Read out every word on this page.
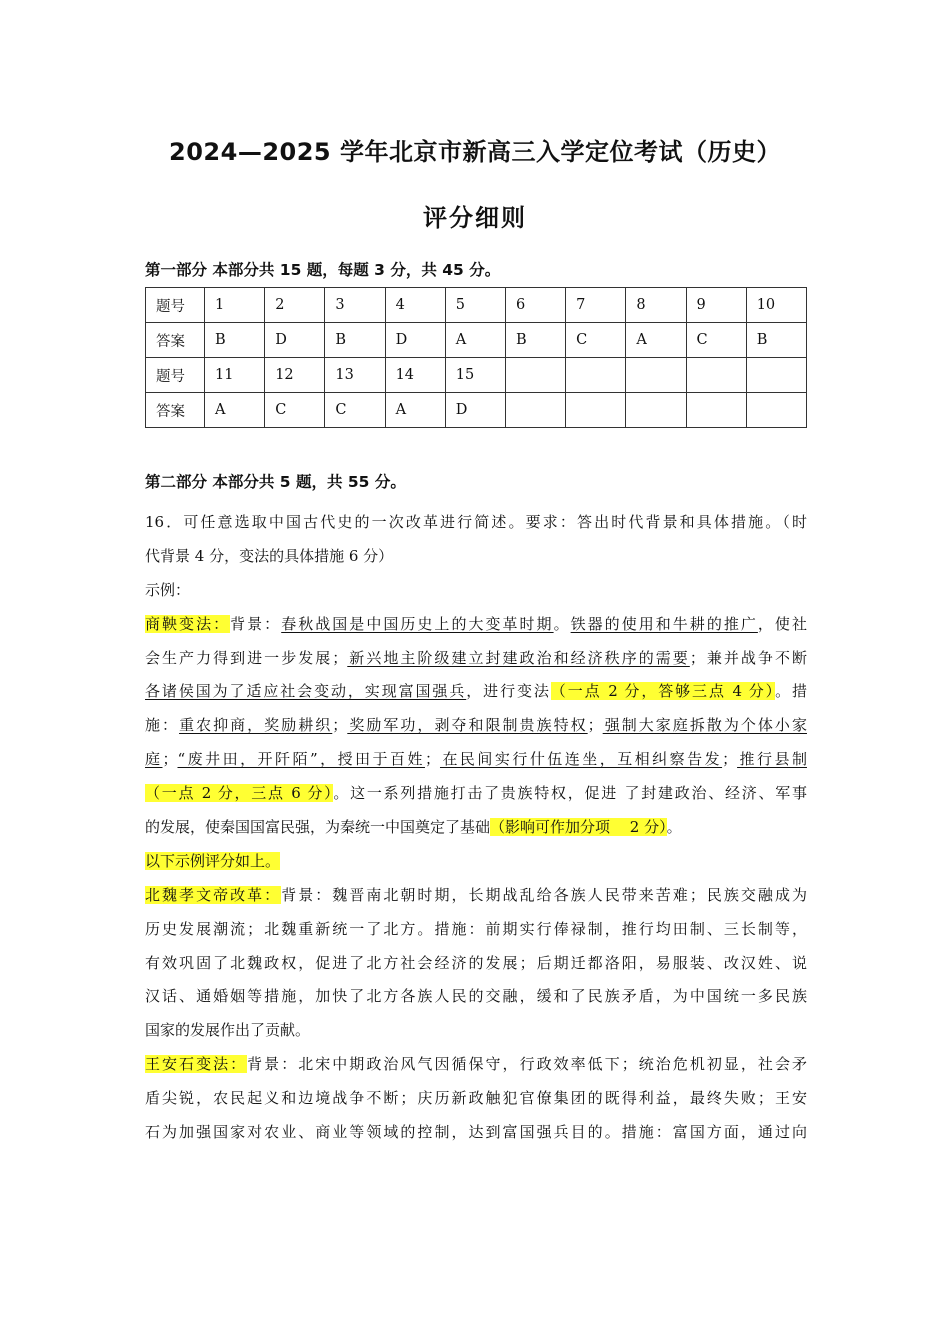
2024—2025 学年北京市新高三入学定位考试（历史）
评分细则
第一部分 本部分共 15 题，每题 3 分，共 45 分。
题号	1	2	3	4	5	6	7	8	9	10
答案	B	D	B	D	A	B	C	A	C	B
题号	11	12	13	14	15					
答案	A	C	C	A	D					
第二部分 本部分共 5 题，共 55 分。
16．可任意选取中国古代史的一次改革进行简述。要求：答出时代背景和具体措施。（时
代背景 4 分，变法的具体措施 6 分）
示例：
商鞅变法：背景：春秋战国是中国历史上的大变革时期。铁器的使用和牛耕的推广，使社
会生产力得到进一步发展；新兴地主阶级建立封建政治和经济秩序的需要；兼并战争不断
各诸侯国为了适应社会变动，实现富国强兵，进行变法（一点 2 分，答够三点 4 分）。措
施：重农抑商，奖励耕织；奖励军功，剥夺和限制贵族特权；强制大家庭拆散为个体小家
庭；“废井田，开阡陌”，授田于百姓；在民间实行什伍连坐，互相纠察告发；推行县制
（一点 2 分，三点 6 分）。这一系列措施打击了贵族特权，促进 了封建政治、经济、军事
的发展，使秦国国富民强，为秦统一中国奠定了基础（影响可作加分项　 2 分）。
以下示例评分如上。
北魏孝文帝改革：背景：魏晋南北朝时期，长期战乱给各族人民带来苦难；民族交融成为
历史发展潮流；北魏重新统一了北方。措施：前期实行俸禄制，推行均田制、三长制等，
有效巩固了北魏政权，促进了北方社会经济的发展；后期迁都洛阳，易服装、改汉姓、说
汉话、通婚姻等措施，加快了北方各族人民的交融，缓和了民族矛盾，为中国统一多民族
国家的发展作出了贡献。
王安石变法：背景：北宋中期政治风气因循保守，行政效率低下；统治危机初显，社会矛
盾尖锐，农民起义和边境战争不断；庆历新政触犯官僚集团的既得利益，最终失败；王安
石为加强国家对农业、商业等领域的控制，达到富国强兵目的。措施：富国方面，通过向
